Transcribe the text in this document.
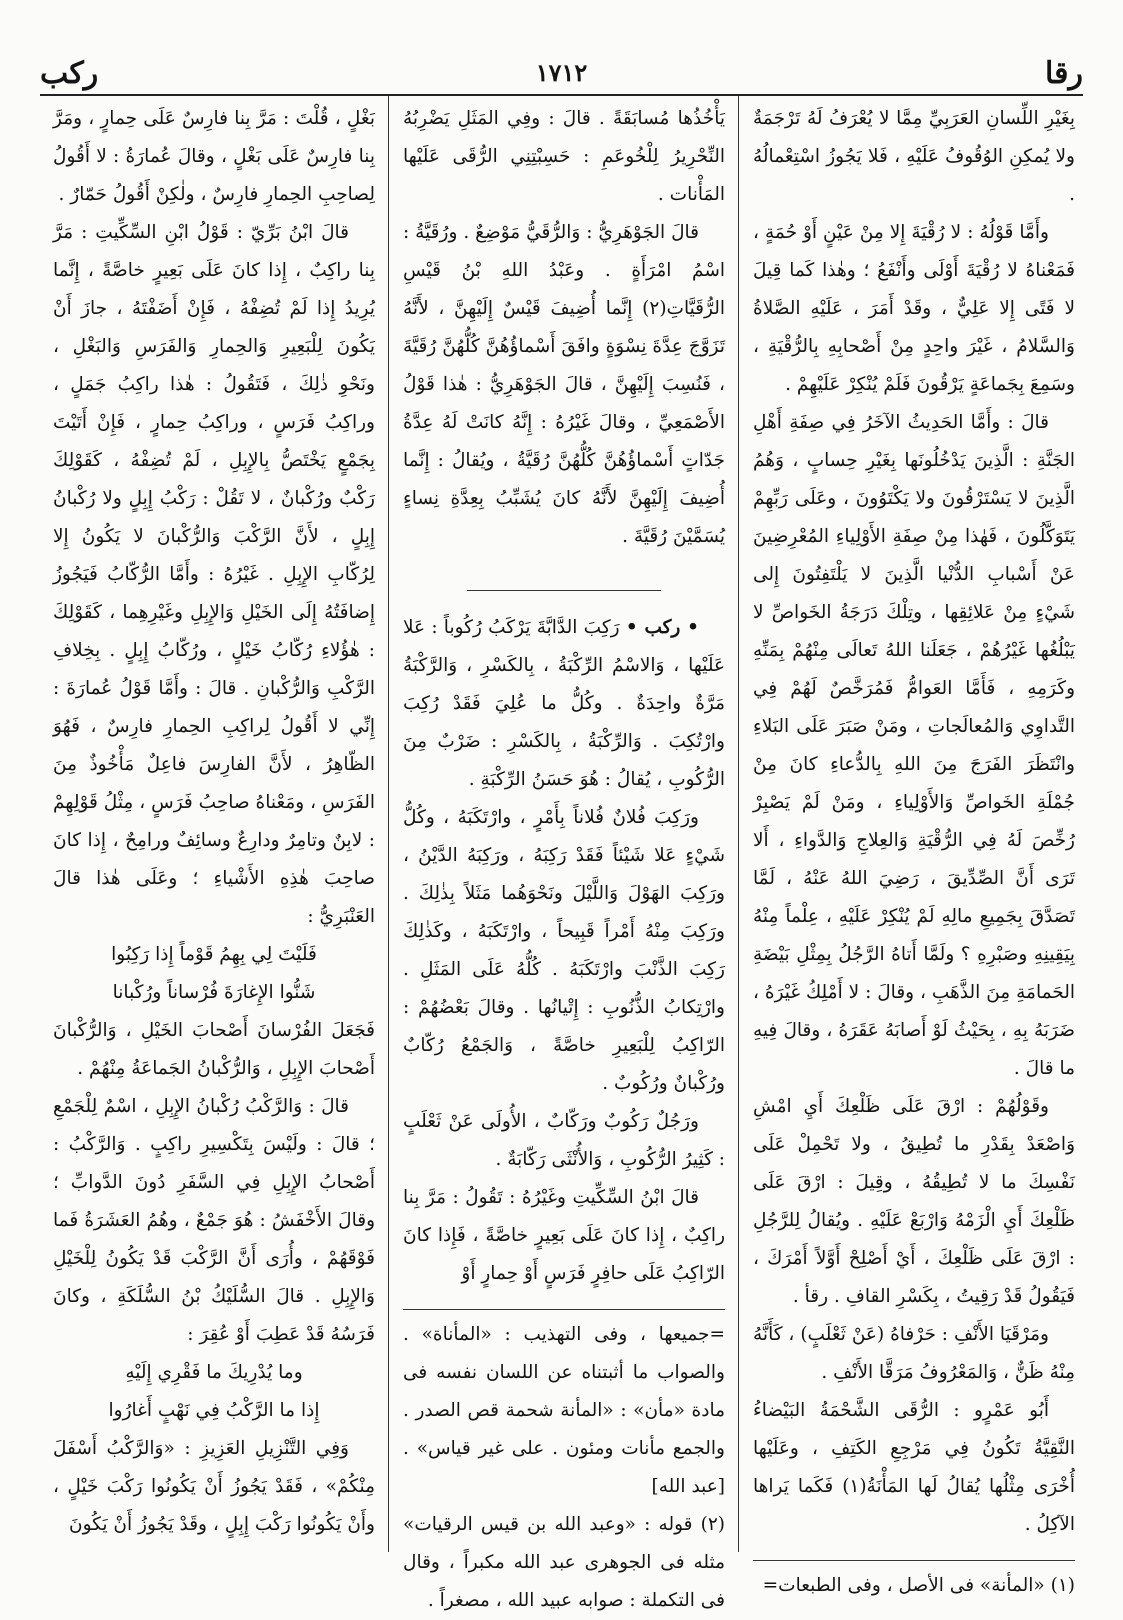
رقا
١٧١٢
ركب

بِغَيْرِ اللِّسانِ العَرَبِيِّ مِمَّا لا يُعْرَفُ لَهُ تَرْجَمَةٌ ولا يُمكِنِ الوُقُوفُ عَلَيْهِ ، فَلا يَجُوزُ اسْتِعْمالُهُ .

وأَمَّا قَوْلُهُ : لا رُقْيَةَ إِلا مِنْ عَيْنٍ أَوْ حُمَةٍ ، فَمَعْناهُ لا رُقْيَةَ أَوْلَى وأَنْفَعُ ؛ وهٰذا كَما قِيلَ لا فَتًى إِلا عَلِيٌّ ، وقَدْ أَمَرَ ، عَلَيْهِ الصَّلاةُ وَالسَّلامُ ، غَيْرَ واحِدٍ مِنْ أَصْحابِهِ بِالرُّقْيَةِ ، وسَمِعَ بِجَماعَةٍ يَرْقُونَ فَلَمْ يُنْكِرْ عَلَيْهِمْ .

قالَ : وأَمَّا الحَدِيثُ الآخَرُ فِي صِفَةِ أَهْلِ الجَنَّةِ : الَّذِينَ يَدْخُلُونَها بِغَيْرِ حِسابٍ ، وَهُمُ الَّذِينَ لا يَسْتَرْقُونَ ولا يَكْتَوُونَ ، وعَلَى رَبِّهِمْ يَتَوَكَّلُونَ ، فَهٰذا مِنْ صِفَةِ الأَوْلِياءِ المُعْرِضِينَ عَنْ أَسْبابِ الدُّنْيا الَّذِينَ لا يَلْتَفِتُونَ إِلى شَيْءٍ مِنْ عَلائِقِها ، وتِلْكَ دَرَجَةُ الخَواصِّ لا يَبْلُغُها غَيْرُهُمْ ، جَعَلَنا اللهُ تَعالَى مِنْهُمْ بِمَنِّهِ وكَرَمِهِ ، فَأَمَّا العَوامُّ فَمُرَخَّصٌ لَهُمْ فِي التَّداوِي وَالمُعالَجاتِ ، ومَنْ صَبَرَ عَلَى البَلاءِ وانْتَظَرَ الفَرَجَ مِنَ اللهِ بِالدُّعاءِ كانَ مِنْ جُمْلَةِ الخَواصِّ وَالأَوْلِياءِ ، ومَنْ لَمْ يَصْبِرْ رُخِّصَ لَهُ فِي الرُّقْيَةِ وَالعِلاجِ وَالدَّواءِ ، أَلا تَرَى أَنَّ الصِّدِّيقَ ، رَضِيَ اللهُ عَنْهُ ، لَمَّا تَصَدَّقَ بِجَمِيعِ مالِهِ لَمْ يُنْكِرْ عَلَيْهِ ، عِلْماً مِنْهُ بِيَقِينِهِ وصَبْرِهِ ؟ ولَمَّا أَتاهُ الرَّجُلُ بِمِثْلِ بَيْضَةِ الحَمامَةِ مِنَ الذَّهَبِ ، وقالَ : لا أَمْلِكُ غَيْرَهُ ، ضَرَبَهُ بِهِ ، بِحَيْثُ لَوْ أَصابَهُ عَقَرَهُ ، وقالَ فِيهِ ما قالَ .

وقَوْلُهُمْ : ارْقَ عَلَى ظَلْعِكَ أَيِ امْشِ وَاصْعَدْ بِقَدْرِ ما تُطِيقُ ، ولا تَحْمِلْ عَلَى نَفْسِكَ ما لا تُطِيقُهُ ، وقِيلَ : ارْقَ عَلَى ظَلْعِكَ أَيِ الْزَمْهُ وَارْبَعْ عَلَيْهِ . ويُقالُ لِلرَّجُلِ : ارْقَ عَلَى ظَلْعِكَ ، أَيْ أَصْلِحْ أَوَّلاً أَمْرَكَ ، فَيَقُولُ قَدْ رَقِيتُ ، بِكَسْرِ القافِ . رقأ .

ومَرْقَيَا الأَنْفِ : حَرْفاهُ (عَنْ ثَعْلَبٍ) ، كَأَنَّهُ مِنْهُ ظَنٌّ ، وَالمَعْرُوفُ مَرَقَّا الأَنْفِ .

أَبُو عَمْرٍو : الرُّقَى الشَّحْمَةُ البَيْضاءُ النَّقِيَّةُ تَكُونُ فِي مَرْجِعِ الكَتِفِ ، وعَلَيْها أُخْرَى مِثْلُها يُقالُ لَها المَأْنَةُ(١) فَكَما يَراها الآكِلُ .

(١) «المأنة» فى الأصل ، وفى الطبعات=

يَأْخُذُها مُسابَقَةً . قالَ : وفِي المَثَلِ يَضْرِبُهُ النِّحْرِيرُ لِلْخُوعَمِ : حَسِبْتِنِي الرُّقَى عَلَيْها المَأْنات .

قالَ الجَوْهَرِيُّ : وَالرُّقَيُّ مَوْضِعٌ . ورُقَيَّةُ : اسْمُ امْرَأَةٍ . وعَبْدُ اللهِ بْنُ قَيْسِ الرُّقَيَّاتِ(٢) إِنَّما أُضِيفَ قَيْسٌ إِلَيْهِنَّ ، لأَنَّهُ تَزَوَّجَ عِدَّةَ نِسْوَةٍ وافَقَ أَسْماؤُهُنَّ كُلُّهُنَّ رُقَيَّةَ ، فَنُسِبَ إِلَيْهِنَّ ، قالَ الجَوْهَرِيُّ : هٰذا قَوْلُ الأَصْمَعِيِّ ، وقالَ غَيْرُهُ : إِنَّهُ كانَتْ لَهُ عِدَّةُ جَدّاتٍ أَسْماؤُهُنَّ كُلُّهُنَّ رُقَيَّةُ ، ويُقالُ : إِنَّما أُضِيفَ إِلَيْهِنَّ لأَنَّهُ كانَ يُشَبِّبُ بِعِدَّةِ نِساءٍ يُسَمَّيْنَ رُقَيَّةَ .

• ركب • رَكِبَ الدَّابَّةَ يَرْكَبُ رُكُوباً : عَلا عَلَيْها ، وَالاسْمُ الرِّكْبَةُ ، بِالكَسْرِ ، وَالرَّكْبَةُ مَرَّةٌ واحِدَةٌ . وكُلُّ ما عُلِيَ فَقَدْ رُكِبَ وارْتُكِبَ . وَالرِّكْبَةُ ، بِالكَسْرِ : ضَرْبٌ مِنَ الرُّكُوبِ ، يُقالُ : هُوَ حَسَنُ الرِّكْبَةِ .

ورَكِبَ فُلانٌ فُلاناً بِأَمْرٍ ، وارْتَكَبَهُ ، وكُلُّ شَيْءٍ عَلا شَيْئاً فَقَدْ رَكِبَهُ ، ورَكِبَهُ الدَّيْنُ ، ورَكِبَ الهَوْلَ وَاللَّيْلَ ونَحْوَهُما مَثَلاً بِذٰلِكَ . ورَكِبَ مِنْهُ أَمْراً قَبِيحاً ، وارْتَكَبَهُ ، وكَذٰلِكَ رَكِبَ الذَّنْبَ وارْتَكَبَهُ . كُلُّهُ عَلَى المَثَلِ . وارْتِكابُ الذُّنُوبِ : إِتْيانُها . وقالَ بَعْضُهُمْ : الرّاكِبُ لِلْبَعِيرِ خاصَّةً ، وَالجَمْعُ رُكّابٌ ورُكْبانٌ ورُكُوبٌ .

ورَجُلٌ رَكُوبٌ ورَكّابٌ ، الأُولَى عَنْ ثَعْلَبٍ : كَثِيرُ الرُّكُوبِ ، وَالأُنْثَى رَكّابَةٌ .

قالَ ابْنُ السِّكِّيتِ وغَيْرُهُ : تَقُولُ : مَرَّ بِنا راكِبٌ ، إِذا كانَ عَلَى بَعِيرٍ خاصَّةً ، فَإِذا كانَ الرّاكِبُ عَلَى حافِرٍ فَرَسٍ أَوْ حِمارٍ أَوْ

=جميعها ، وفى التهذيب : «المأناة» . والصواب ما أثبتناه عن اللسان نفسه فى مادة «مأن» : «المأنة شحمة قص الصدر . والجمع مأنات ومئون . على غير قياس» . [عبد الله]

(٢) قوله : «وعبد الله بن قيس الرقيات» مثله فى الجوهرى عبد الله مكبراً ، وقال فى التكملة : صوابه عبيد الله ، مصغراً .

بَغْلٍ ، قُلْتَ : مَرَّ بِنا فارِسٌ عَلَى حِمارٍ ، ومَرَّ بِنا فارِسٌ عَلَى بَغْلٍ ، وقالَ عُمارَةُ : لا أَقُولُ لِصاحِبِ الحِمارِ فارِسٌ ، ولٰكِنْ أَقُولُ حَمّارٌ .

قالَ ابْنُ بَرِّيّ : قَوْلُ ابْنِ السِّكِّيتِ : مَرَّ بِنا راكِبٌ ، إِذا كانَ عَلَى بَعِيرٍ خاصَّةً ، إِنَّما يُرِيدُ إِذا لَمْ تُضِفْهُ ، فَإِنْ أَضَفْتَهُ ، جازَ أَنْ يَكُونَ لِلْبَعِيرِ وَالحِمارِ وَالفَرَسِ وَالبَغْلِ ، ونَحْوِ ذٰلِكَ ، فَتَقُولُ : هٰذا راكِبُ جَمَلٍ ، وراكِبُ فَرَسٍ ، وراكِبُ حِمارٍ ، فَإِنْ أَتَيْتَ بِجَمْعٍ يَخْتَصُّ بِالإِبِلِ ، لَمْ تُضِفْهُ ، كَقَوْلِكَ رَكْبٌ ورُكْبانٌ ، لا تَقُلْ : رَكْبُ إِبِلٍ ولا رُكْبانُ إِبِلٍ ، لأَنَّ الرَّكْبَ وَالرُّكْبانَ لا يَكُونُ إِلا لِرُكّابِ الإِبِلِ . غَيْرُهُ : وأَمَّا الرُّكّابُ فَيَجُوزُ إِضافَتُهُ إِلَى الخَيْلِ وَالإِبِلِ وغَيْرِهِما ، كَقَوْلِكَ : هٰؤُلاءِ رُكّابُ خَيْلٍ ، ورُكّابُ إِبِلٍ . بِخِلافِ الرَّكْبِ وَالرُّكْبانِ . قالَ : وأَمَّا قَوْلُ عُمارَةَ : إِنِّي لا أَقُولُ لِراكِبِ الحِمارِ فارِسٌ ، فَهُوَ الظّاهِرُ ، لأَنَّ الفارِسَ فاعِلٌ مَأْخُوذٌ مِنَ الفَرَسِ ، ومَعْناهُ صاحِبُ فَرَسٍ ، مِثْلُ قَوْلِهِمْ : لابِنٌ وتامِرٌ ودارِعٌ وسائِفٌ ورامِحٌ ، إِذا كانَ صاحِبَ هٰذِهِ الأَشْياءِ ؛ وعَلَى هٰذا قالَ العَنْبَرِيُّ :

فَلَيْتَ لِي بِهِمُ قَوْماً إِذا رَكِبُوا

شَنُّوا الإِغارَةَ فُرْساناً ورُكْبانا

فَجَعَلَ الفُرْسانَ أَصْحابَ الخَيْلِ ، وَالرُّكْبانَ أَصْحابَ الإِبِلِ ، وَالرُّكْبانُ الجَماعَةُ مِنْهُمْ .

قالَ : وَالرَّكْبُ رُكْبانُ الإِبِلِ ، اسْمٌ لِلْجَمْعِ ؛ قالَ : ولَيْسَ بِتَكْسِيرِ راكِبٍ . وَالرَّكْبُ : أَصْحابُ الإِبِلِ فِي السَّفَرِ دُونَ الدَّوابِّ ؛ وقالَ الأَخْفَشُ : هُوَ جَمْعٌ ، وهُمُ العَشَرَةُ فَما فَوْقَهُمْ ، وأُرَى أَنَّ الرَّكْبَ قَدْ يَكُونُ لِلْخَيْلِ وَالإِبِلِ . قالَ السُّلَيْكُ بْنُ السُّلَكَةِ ، وكانَ فَرَسُهُ قَدْ عَطِبَ أَوْ عُقِرَ :

وما يُدْرِيكَ ما فَقْرِي إِلَيْهِ

إِذا ما الرَّكْبُ فِي نَهْبٍ أَغارُوا

وَفِي التَّنْزِيلِ العَزِيزِ : «وَالرَّكْبُ أَسْفَلَ مِنْكُمْ» ، فَقَدْ يَجُوزُ أَنْ يَكُونُوا رَكْبَ خَيْلٍ ، وأَنْ يَكُونُوا رَكْبَ إِبِلٍ ، وقَدْ يَجُوزُ أَنْ يَكُونَ
